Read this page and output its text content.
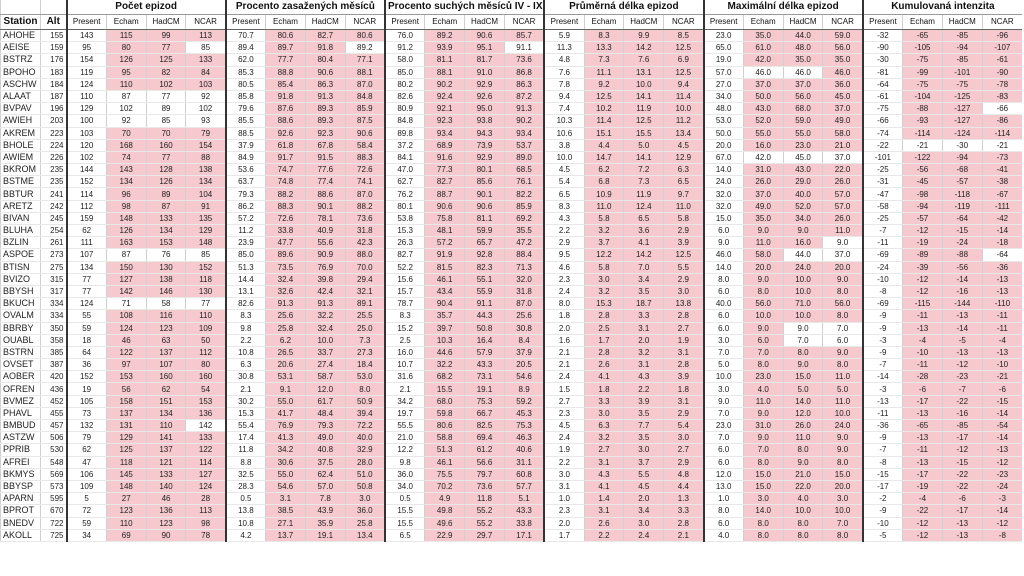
		Počet epizod				Procento zasažených měsíců				Procento suchých měsíců IV - IX				Průměrná délka epizod				Maximální délka epizod				Kumulovaná intenzita			
Station	Alt	Present	Echam	HadCM	NCAR	Present	Echam	HadCM	NCAR	Present	Echam	HadCM	NCAR	Present	Echam	HadCM	NCAR	Present	Echam	HadCM	NCAR	Present	Echam	HadCM	NCAR
AHOHE	155	143	115	99	113	70.7	80.6	82.7	80.6	76.0	89.2	90.6	85.7	5.9	8.3	9.9	8.5	23.0	35.0	44.0	59.0	-32	-65	-85	-96
AEISE	159	95	80	77	85	89.4	89.7	91.8	89.2	91.2	93.9	95.1	91.1	11.3	13.3	14.2	12.5	65.0	61.0	48.0	56.0	-90	-105	-94	-107
BSTRZ	176	154	126	125	133	62.0	77.7	80.4	77.1	58.0	81.1	81.7	73.6	4.8	7.3	7.6	6.9	19.0	42.0	35.0	35.0	-30	-75	-85	-61
BPOHO	183	119	95	82	84	85.3	88.8	90.6	88.1	85.0	88.1	91.0	86.8	7.6	11.1	13.1	12.5	57.0	46.0	46.0	46.0	-81	-99	-101	-90
ASCHW	184	124	110	102	103	80.5	85.4	86.3	87.0	80.2	90.2	92.9	86.3	7.8	9.2	10.0	9.4	27.0	37.0	37.0	36.0	-64	-75	-75	-78
ALAAT	187	110	87	77	92	85.8	91.8	91.3	84.8	82.6	92.4	92.6	87.2	9.4	12.5	14.1	11.4	34.0	50.0	56.0	45.0	-61	-104	-125	-83
BVPAV	196	129	102	89	102	79.6	87.6	89.3	85.9	80.9	92.1	95.0	91.3	7.4	10.2	11.9	10.0	48.0	43.0	68.0	37.0	-75	-88	-127	-66
AWIEH	203	100	92	85	93	85.5	88.6	89.3	87.5	84.8	92.3	93.8	90.2	10.3	11.4	12.5	11.2	53.0	52.0	59.0	49.0	-66	-93	-127	-86
AKREM	223	103	70	70	79	88.5	92.6	92.3	90.6	89.8	93.4	94.3	93.4	10.6	15.1	15.5	13.4	50.0	55.0	55.0	58.0	-74	-114	-124	-114
BHOLE	224	120	168	160	154	37.9	61.8	67.8	58.4	37.2	68.9	73.9	53.7	3.8	4.4	5.0	4.5	20.0	16.0	23.0	21.0	-22	-21	-30	-21
AWIEM	226	102	74	77	88	84.9	91.7	91.5	88.3	84.1	91.6	92.9	89.0	10.0	14.7	14.1	12.9	67.0	42.0	45.0	37.0	-101	-122	-94	-73
BKROM	235	144	143	128	138	53.6	74.7	77.6	72.6	47.0	77.3	80.1	68.5	4.5	6.2	7.2	6.3	14.0	31.0	43.0	22.0	-25	-56	-68	-41
BSTME	235	152	134	126	134	63.7	74.8	77.4	74.1	62.7	82.7	85.6	76.1	5.4	6.8	7.3	6.5	24.0	26.0	29.0	26.0	-31	-45	-57	-38
BBTUR	241	114	96	89	104	79.3	88.2	88.6	87.0	76.2	88.7	90.1	82.2	6.5	10.9	11.9	9.7	32.0	37.0	40.0	57.0	-47	-98	-118	-67
ARETZ	242	112	98	87	91	86.2	88.3	90.1	88.2	80.1	90.6	90.6	85.9	8.3	11.0	12.4	11.0	32.0	49.0	52.0	57.0	-58	-94	-119	-111
BIVAN	245	159	148	133	135	57.2	72.6	78.1	73.6	53.8	75.8	81.1	69.2	4.3	5.8	6.5	5.8	15.0	35.0	34.0	26.0	-25	-57	-64	-42
BLUHA	254	62	126	134	129	11.2	33.8	40.9	31.8	15.3	48.1	59.9	35.5	2.2	3.2	3.6	2.9	6.0	9.0	9.0	11.0	-7	-12	-15	-14
BZLIN	261	111	163	153	148	23.9	47.7	55.6	42.3	26.3	57.2	65.7	47.2	2.9	3.7	4.1	3.9	9.0	11.0	16.0	9.0	-11	-19	-24	-18
ASPOE	273	107	87	76	85	85.0	89.6	90.9	88.0	82.7	91.9	92.8	88.4	9.5	12.2	14.2	12.5	46.0	58.0	44.0	37.0	-69	-89	-88	-64
BTISN	275	134	150	130	152	51.3	73.5	76.9	70.0	52.2	81.5	82.3	71.3	4.6	5.8	7.0	5.5	14.0	20.0	24.0	20.0	-24	-39	-56	-36
BVIZO	315	77	127	138	118	14.4	32.4	39.8	29.4	15.6	46.1	55.1	32.0	2.3	3.0	3.4	2.9	8.0	9.0	10.0	9.0	-10	-12	-14	-13
BBYSH	317	77	142	146	130	13.1	32.6	42.4	32.1	15.7	43.4	55.9	31.8	2.4	3.2	3.5	3.0	6.0	8.0	10.0	8.0	-8	-12	-16	-13
BKUCH	334	124	71	58	77	82.6	91.3	91.3	89.1	78.7	90.4	91.1	87.0	8.0	15.3	18.7	13.8	40.0	56.0	71.0	56.0	-69	-115	-144	-110
OVALM	334	55	108	116	110	8.3	25.6	32.2	25.5	8.3	35.7	44.3	25.6	1.8	2.8	3.3	2.8	6.0	10.0	10.0	8.0	-9	-11	-13	-11
BBRBY	350	59	124	123	109	9.8	25.8	32.4	25.0	15.2	39.7	50.8	30.8	2.0	2.5	3.1	2.7	6.0	9.0	9.0	7.0	-9	-13	-14	-11
OUABL	358	18	46	63	50	2.2	6.2	10.0	7.3	2.5	10.3	16.4	8.4	1.6	1.7	2.0	1.9	3.0	6.0	7.0	6.0	-3	-4	-5	-4
BSTRN	385	64	122	137	112	10.8	26.5	33.7	27.3	16.0	44.6	57.9	37.9	2.1	2.8	3.2	3.1	7.0	7.0	8.0	9.0	-9	-10	-13	-13
OVSET	387	36	97	107	80	6.3	20.6	27.4	18.4	10.7	32.2	43.3	20.5	2.1	2.6	3.1	2.8	5.0	8.0	9.0	8.0	-7	-11	-12	-10
AOBER	420	152	153	160	160	30.8	53.1	58.7	53.0	31.6	68.2	73.1	54.6	2.4	4.1	4.3	3.9	10.0	23.0	15.0	11.0	-14	-28	-23	-21
OFREN	436	19	56	62	54	2.1	9.1	12.0	8.0	2.1	15.5	19.1	8.9	1.5	1.8	2.2	1.8	3.0	4.0	5.0	5.0	-3	-6	-7	-6
BVMEZ	452	105	158	151	153	30.2	55.0	61.7	50.9	34.2	68.0	75.3	59.2	2.7	3.3	3.9	3.1	9.0	11.0	14.0	11.0	-13	-17	-22	-15
PHAVL	455	73	137	134	136	15.3	41.7	48.4	39.4	19.7	59.8	66.7	45.3	2.3	3.0	3.5	2.9	7.0	9.0	12.0	10.0	-11	-13	-16	-14
BMBUD	457	132	131	110	142	55.4	76.9	79.3	72.2	55.5	80.6	82.5	75.3	4.5	6.3	7.7	5.4	23.0	31.0	26.0	24.0	-36	-65	-85	-54
ASTZW	506	79	129	141	133	17.4	41.3	49.0	40.0	21.0	58.8	69.4	46.3	2.4	3.2	3.5	3.0	7.0	9.0	11.0	9.0	-9	-13	-17	-14
PPRIB	530	62	125	137	122	11.8	34.2	40.8	32.9	12.2	51.3	61.2	40.6	1.9	2.7	3.0	2.7	6.0	7.0	8.0	9.0	-7	-11	-12	-13
AFREI	548	47	118	121	114	8.8	30.6	37.5	28.0	9.8	46.1	56.6	31.1	2.2	3.1	3.7	2.9	6.0	8.0	9.0	8.0	-8	-13	-15	-12
BKMYS	569	106	145	133	127	32.5	55.0	62.4	51.0	36.0	75.5	79.7	60.8	3.0	4.3	5.5	4.8	12.0	15.0	21.0	15.0	-15	-17	-22	-23
BBYSP	573	109	148	140	124	28.3	54.6	57.0	50.8	34.0	70.2	73.6	57.7	3.1	4.1	4.5	4.4	13.0	15.0	22.0	20.0	-17	-19	-22	-24
APARN	595	5	27	46	28	0.5	3.1	7.8	3.0	0.5	4.9	11.8	5.1	1.0	1.4	2.0	1.3	1.0	3.0	4.0	3.0	-2	-4	-6	-3
BPROT	670	72	123	136	113	13.8	38.5	43.9	36.0	15.5	49.8	55.2	43.3	2.3	3.1	3.4	3.3	8.0	14.0	10.0	10.0	-9	-22	-17	-14
BNEDV	722	59	110	123	98	10.8	27.1	35.9	25.8	15.5	49.6	55.2	33.8	2.0	2.6	3.0	2.8	6.0	8.0	8.0	7.0	-10	-12	-13	-12
AKOLL	725	34	69	90	78	4.2	13.7	19.1	13.4	6.5	22.9	29.7	17.1	1.7	2.2	2.4	2.1	4.0	8.0	8.0	8.0	-5	-12	-13	-8
